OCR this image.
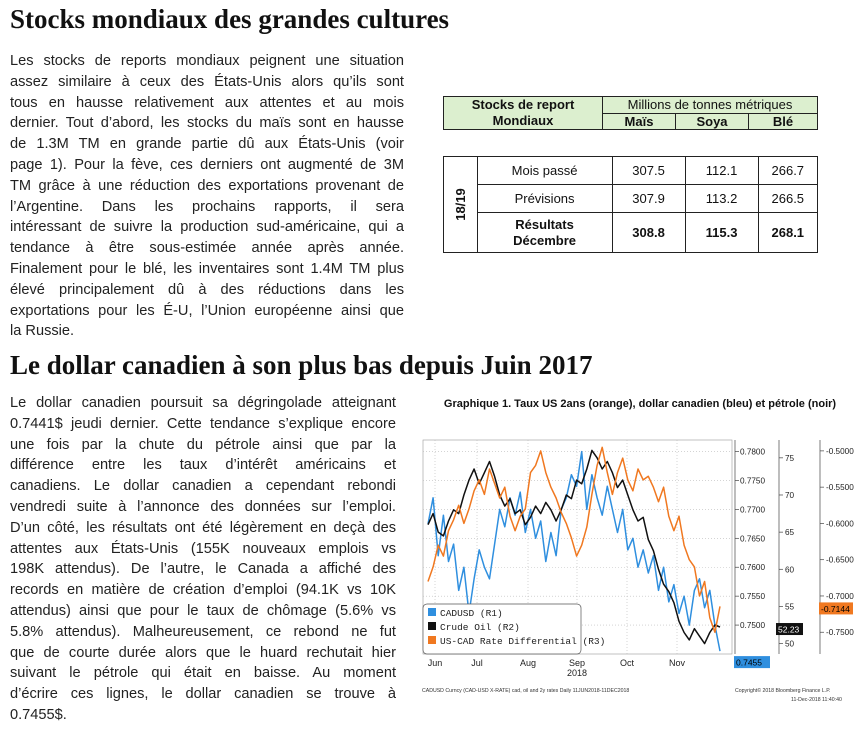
Stocks mondiaux des grandes cultures
Les stocks de reports mondiaux peignent une situation
assez similaire à ceux des États-Unis alors qu’ils sont
tous en hausse relativement aux attentes et au mois
dernier. Tout d’abord, les stocks du maïs sont en hausse
de 1.3M TM en grande partie dû aux États-Unis (voir
page 1). Pour la fève, ces derniers ont augmenté de 3M
TM grâce à une réduction des exportations provenant de
l’Argentine. Dans les prochains rapports, il sera
intéressant de suivre la production sud-américaine, qui a
tendance à être sous-estimée année après année.
Finalement pour le blé, les inventaires sont 1.4M TM plus
élevé principalement dû à des réductions dans les
exportations pour les É-U, l’Union européenne ainsi que
la Russie.
Stocks de report Mondiaux	Millions de tonnes métriques		
	Maïs	Soya	Blé
18/19	Mois passé	307.5	112.1	266.7
	Prévisions	307.9	113.2	266.5
	Résultats Décembre	308.8	115.3	268.1
Le dollar canadien à son plus bas depuis Juin 2017
Le dollar canadien poursuit sa dégringolade atteignant
0.7441$ jeudi dernier. Cette tendance s’explique encore
une fois par la chute du pétrole ainsi que par la
différence entre les taux d’intérêt américains et
canadiens. Le dollar canadien a cependant rebondi
vendredi suite à l’annonce des données sur l’emploi.
D’un côté, les résultats ont été légèrement en deçà des
attentes aux États-Unis (155K nouveaux emplois vs
198K attendus). De l’autre, le Canada a affiché des
records en matière de création d’emploi (94.1K vs 10K
attendus) ainsi que pour le taux de chômage (5.6% vs
5.8% attendus). Malheureusement, ce rebond ne fut
que de courte durée alors que le huard rechutait hier
suivant le pétrole qui était en baisse. Au moment
d’écrire ces lignes, le dollar canadien se trouve à
0.7455$.
Graphique 1. Taux US 2ans (orange), dollar canadien (bleu) et pétrole (noir)
Jun	Jul	Aug	Sep	Oct	Nov
2018
0.7800
0.7750
0.7700
0.7650
0.7600
0.7550
0.7500
75
70
65
60
55
50
-0.5000
-0.5500
-0.6000
-0.6500
-0.7000
-0.7500
0.7455
52.23
-0.7144
CADUSD (R1)
Crude Oil (R2)
US-CAD Rate Differential (R3)
CADUSD Curncy (CAD-USD X-RATE) cad, oil and 2y rates Daily 11JUN2018-11DEC2018	Copyright© 2018 Bloomberg Finance L.P.
11-Dec-2018 11:40:40
